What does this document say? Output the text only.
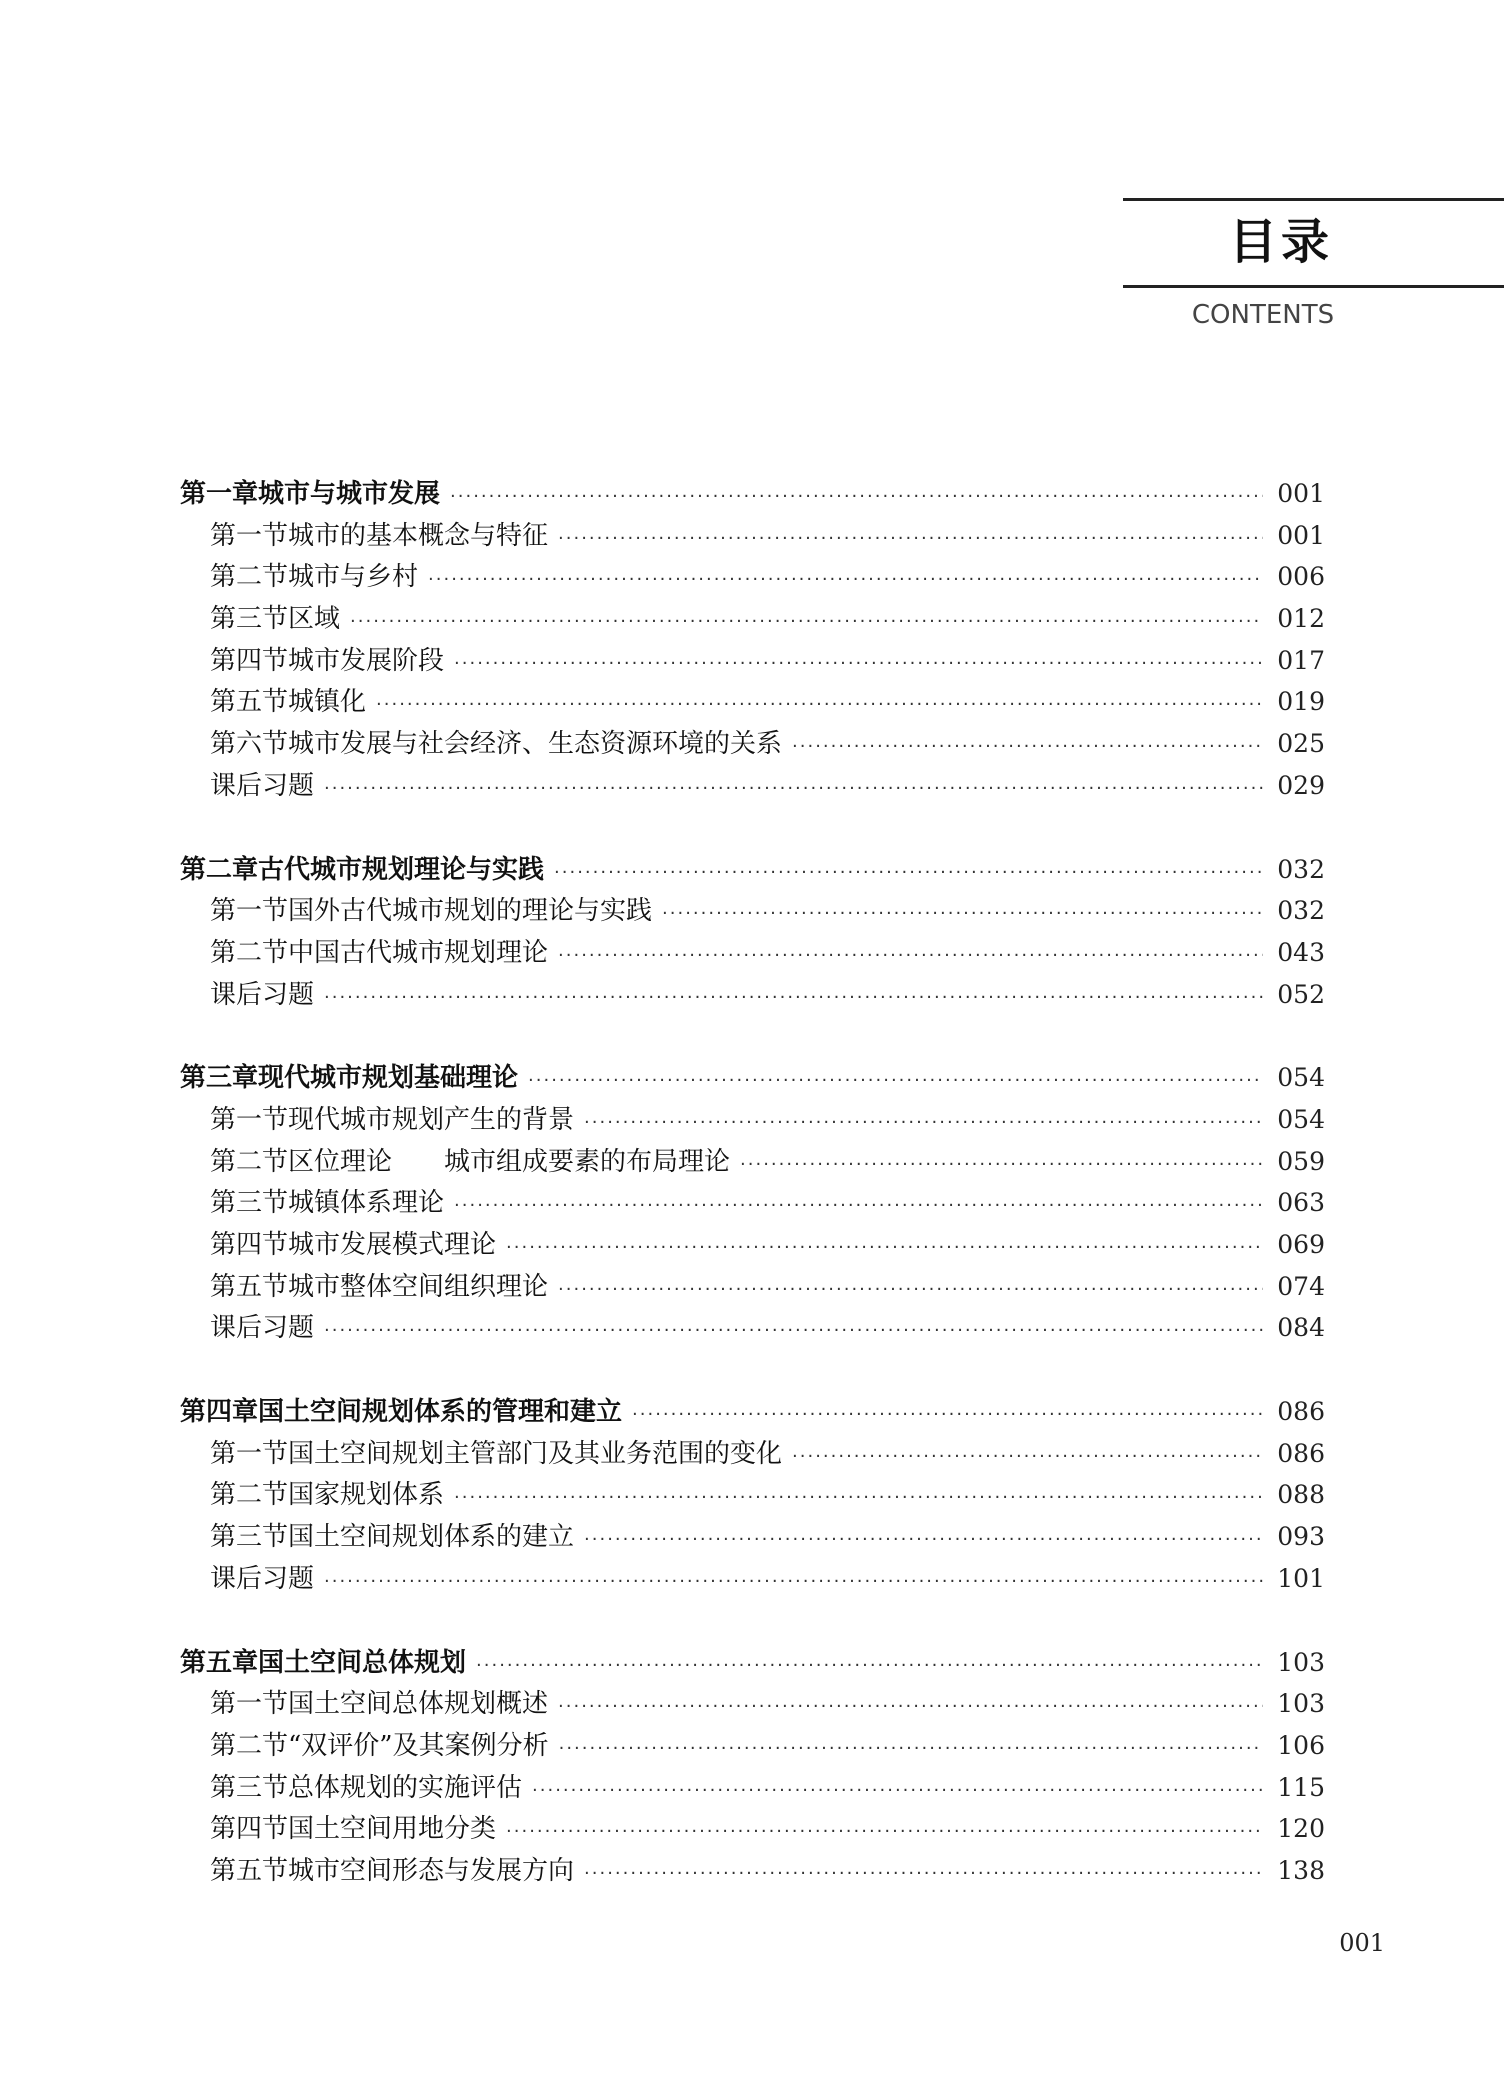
目录
CONTENTS
第一章 城市与城市发展 ·····	001
第一节 城市的基本概念与特征 ·····	001
第二节 城市与乡村 ·····	006
第三节 区域 ·····	012
第四节 城市发展阶段 ·····	017
第五节 城镇化 ·····	019
第六节 城市发展与社会经济、生态资源环境的关系 ·····	025
课后习题 ·····	029
第二章 古代城市规划理论与实践 ·····	032
第一节 国外古代城市规划的理论与实践 ·····	032
第二节 中国古代城市规划理论 ·····	043
课后习题 ·····	052
第三章 现代城市规划基础理论 ·····	054
第一节 现代城市规划产生的背景 ·····	054
第二节 区位理论　　城市组成要素的布局理论 ·····	059
第三节 城镇体系理论 ·····	063
第四节 城市发展模式理论 ·····	069
第五节 城市整体空间组织理论 ·····	074
课后习题 ·····	084
第四章 国土空间规划体系的管理和建立 ·····	086
第一节 国土空间规划主管部门及其业务范围的变化 ·····	086
第二节 国家规划体系 ·····	088
第三节 国土空间规划体系的建立 ·····	093
课后习题 ·····	101
第五章 国土空间总体规划 ·····	103
第一节 国土空间总体规划概述 ·····	103
第二节 “双评价”及其案例分析 ·····	106
第三节 总体规划的实施评估 ·····	115
第四节 国土空间用地分类 ·····	120
第五节 城市空间形态与发展方向 ·····	138
001
